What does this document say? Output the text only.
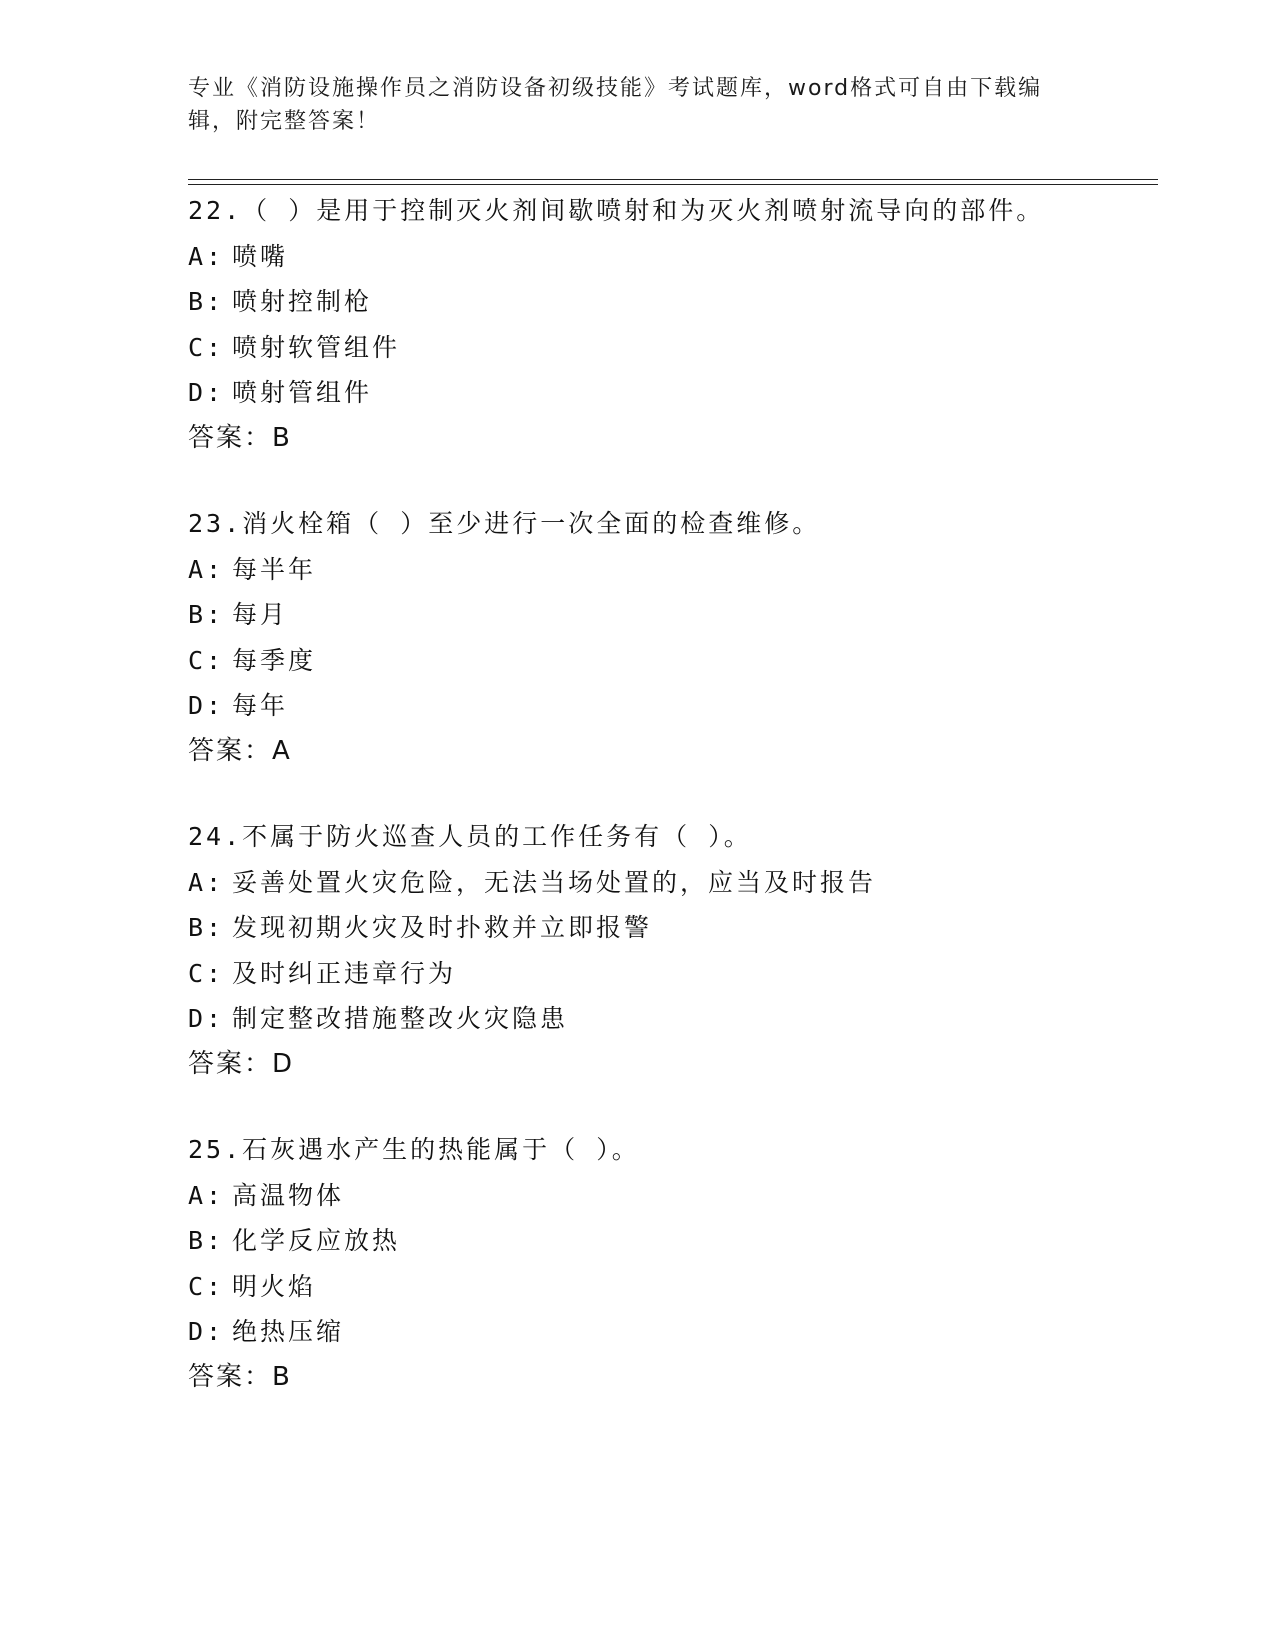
专业《消防设施操作员之消防设备初级技能》考试题库，word格式可自由下载编辑，附完整答案！
22.（ ）是用于控制灭火剂间歇喷射和为灭火剂喷射流导向的部件。
A: 喷嘴
B: 喷射控制枪
C: 喷射软管组件
D: 喷射管组件
答案：B
23.消火栓箱（ ）至少进行一次全面的检查维修。
A: 每半年
B: 每月
C: 每季度
D: 每年
答案：A
24.不属于防火巡查人员的工作任务有（ ）。
A: 妥善处置火灾危险，无法当场处置的，应当及时报告
B: 发现初期火灾及时扑救并立即报警
C: 及时纠正违章行为
D: 制定整改措施整改火灾隐患
答案：D
25.石灰遇水产生的热能属于（ ）。
A: 高温物体
B: 化学反应放热
C: 明火焰
D: 绝热压缩
答案：B
